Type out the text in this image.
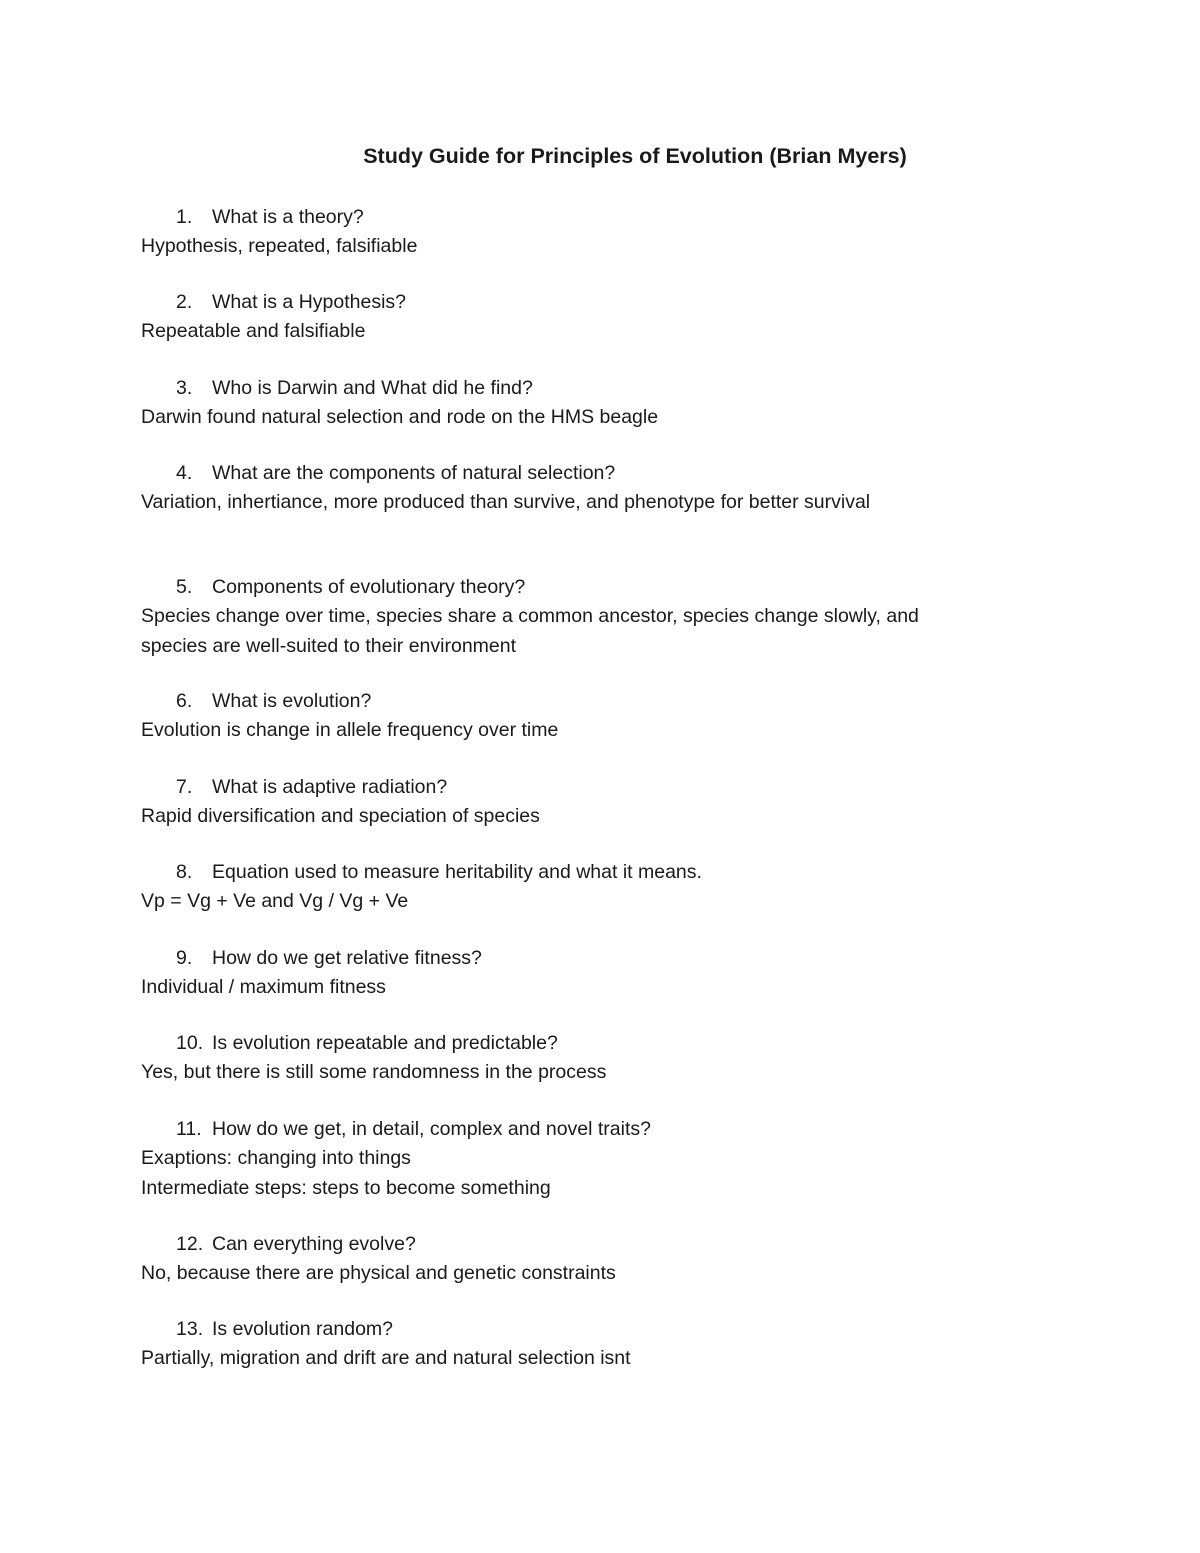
Study Guide for Principles of Evolution (Brian Myers)
1. What is a theory?
Hypothesis, repeated, falsifiable
2. What is a Hypothesis?
Repeatable and falsifiable
3. Who is Darwin and What did he find?
Darwin found natural selection and rode on the HMS beagle
4. What are the components of natural selection?
Variation, inhertiance, more produced than survive, and phenotype for better survival
5. Components of evolutionary theory?
Species change over time, species share a common ancestor, species change slowly, and
species are well-suited to their environment
6. What is evolution?
Evolution is change in allele frequency over time
7. What is adaptive radiation?
Rapid diversification and speciation of species
8. Equation used to measure heritability and what it means.
Vp = Vg + Ve and Vg / Vg + Ve
9. How do we get relative fitness?
Individual / maximum fitness
10. Is evolution repeatable and predictable?
Yes, but there is still some randomness in the process
11. How do we get, in detail, complex and novel traits?
Exaptions: changing into things
Intermediate steps: steps to become something
12. Can everything evolve?
No, because there are physical and genetic constraints
13. Is evolution random?
Partially, migration and drift are and natural selection isnt
